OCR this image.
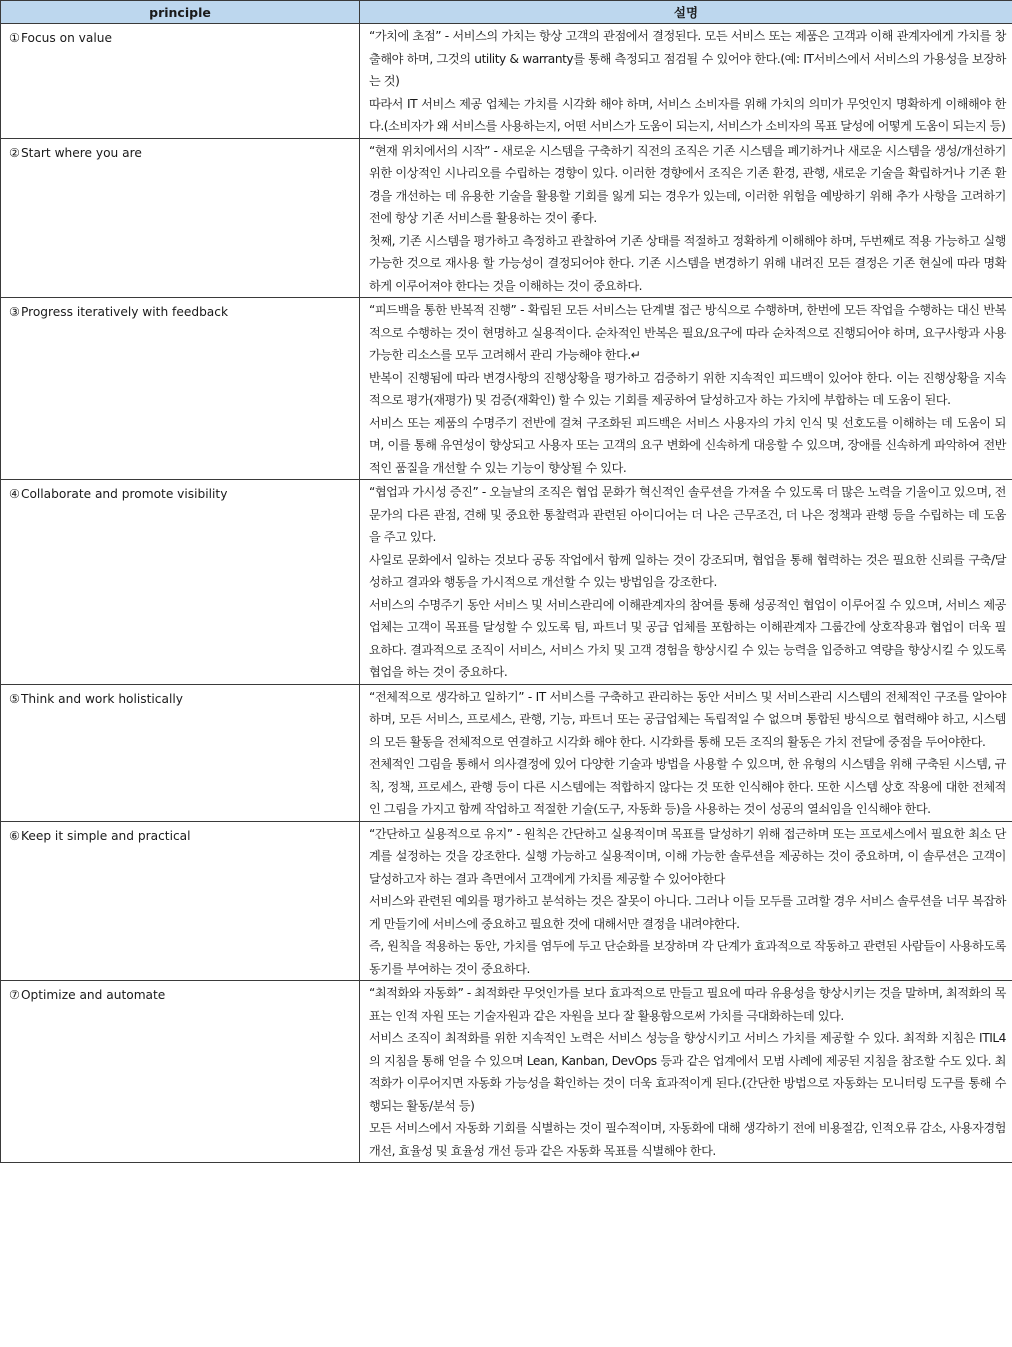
principle	설명
①Focus on value	“가치에 초점” - 서비스의 가치는 항상 고객의 관점에서 결정된다. 모든 서비스 또는 제품은 고객과 이해 관계자에게 가치를 창출해야 하며, 그것의 utility & warranty를 통해 측정되고 점검될 수 있어야 한다.(예: IT서비스에서 서비스의 가용성을 보장하는 것)

따라서 IT 서비스 제공 업체는 가치를 시각화 해야 하며, 서비스 소비자를 위해 가치의 의미가 무엇인지 명확하게 이해해야 한다.(소비자가 왜 서비스를 사용하는지, 어떤 서비스가 도움이 되는지, 서비스가 소비자의 목표 달성에 어떻게 도움이 되는지 등)

②Start where you are	“현재 위치에서의 시작” - 새로운 시스템을 구축하기 직전의 조직은 기존 시스템을 폐기하거나 새로운 시스템을 생성/개선하기 위한 이상적인 시나리오를 수립하는 경향이 있다. 이러한 경향에서 조직은 기존 환경, 관행, 새로운 기술을 확립하거나 기존 환경을 개선하는 데 유용한 기술을 활용할 기회를 잃게 되는 경우가 있는데, 이러한 위험을 예방하기 위해 추가 사항을 고려하기 전에 항상 기존 서비스를 활용하는 것이 좋다.

첫째, 기존 시스템을 평가하고 측정하고 관찰하여 기존 상태를 적절하고 정확하게 이해해야 하며, 두번째로 적용 가능하고 실행 가능한 것으로 재사용 할 가능성이 결정되어야 한다. 기존 시스템을 변경하기 위해 내려진 모든 결정은 기존 현실에 따라 명확하게 이루어져야 한다는 것을 이해하는 것이 중요하다.

③Progress iteratively with feedback	“피드백을 통한 반복적 진행” - 확립된 모든 서비스는 단계별 접근 방식으로 수행하며, 한번에 모든 작업을 수행하는 대신 반복적으로 수행하는 것이 현명하고 실용적이다. 순차적인 반복은 필요/요구에 따라 순차적으로 진행되어야 하며, 요구사항과 사용 가능한 리소스를 모두 고려해서 관리 가능해야 한다.↵

반복이 진행됨에 따라 변경사항의 진행상황을 평가하고 검증하기 위한 지속적인 피드백이 있어야 한다. 이는 진행상황을 지속적으로 평가(재평가) 및 검증(재확인) 할 수 있는 기회를 제공하여 달성하고자 하는 가치에 부합하는 데 도움이 된다.

서비스 또는 제품의 수명주기 전반에 걸쳐 구조화된 피드백은 서비스 사용자의 가치 인식 및 선호도를 이해하는 데 도움이 되며, 이를 통해 유연성이 향상되고 사용자 또는 고객의 요구 변화에 신속하게 대응할 수 있으며, 장애를 신속하게 파악하여 전반적인 품질을 개선할 수 있는 기능이 향상될 수 있다.

④Collaborate and promote visibility	“협업과 가시성 증진” - 오늘날의 조직은 협업 문화가 혁신적인 솔루션을 가져올 수 있도록 더 많은 노력을 기울이고 있으며, 전문가의 다른 관점, 견해 및 중요한 통찰력과 관련된 아이디어는 더 나은 근무조건, 더 나은 정책과 관행 등을 수립하는 데 도움을 주고 있다.

사일로 문화에서 일하는 것보다 공동 작업에서 함께 일하는 것이 강조되며, 협업을 통해 협력하는 것은 필요한 신뢰를 구축/달성하고 결과와 행동을 가시적으로 개선할 수 있는 방법임을 강조한다.

서비스의 수명주기 동안 서비스 및 서비스관리에 이해관계자의 참여를 통해 성공적인 협업이 이루어질 수 있으며, 서비스 제공업체는 고객이 목표를 달성할 수 있도록 팀, 파트너 및 공급 업체를 포함하는 이해관계자 그룹간에 상호작용과 협업이 더욱 필요하다. 결과적으로 조직이 서비스, 서비스 가치 및 고객 경험을 향상시킬 수 있는 능력을 입증하고 역량을 향상시킬 수 있도록 협업을 하는 것이 중요하다.

⑤Think and work holistically	“전체적으로 생각하고 일하기” - IT 서비스를 구축하고 관리하는 동안 서비스 및 서비스관리 시스템의 전체적인 구조를 알아야 하며, 모든 서비스, 프로세스, 관행, 기능, 파트너 또는 공급업체는 독립적일 수 없으며 통합된 방식으로 협력해야 하고, 시스템의 모든 활동을 전체적으로 연결하고 시각화 해야 한다. 시각화를 통해 모든 조직의 활동은 가치 전달에 중점을 두어야한다.

전체적인 그림을 통해서 의사결정에 있어 다양한 기술과 방법을 사용할 수 있으며, 한 유형의 시스템을 위해 구축된 시스템, 규칙, 정책, 프로세스, 관행 등이 다른 시스템에는 적합하지 않다는 것 또한 인식해야 한다. 또한 시스템 상호 작용에 대한 전체적인 그림을 가지고 함께 작업하고 적절한 기술(도구, 자동화 등)을 사용하는 것이 성공의 열쇠임을 인식해야 한다.

⑥Keep it simple and practical	“간단하고 실용적으로 유지” - 원칙은 간단하고 실용적이며 목표를 달성하기 위해 접근하며 또는 프로세스에서 필요한 최소 단계를 설정하는 것을 강조한다. 실행 가능하고 실용적이며, 이해 가능한 솔루션을 제공하는 것이 중요하며, 이 솔루션은 고객이 달성하고자 하는 결과 측면에서 고객에게 가치를 제공할 수 있어야한다

서비스와 관련된 예외를 평가하고 분석하는 것은 잘못이 아니다. 그러나 이들 모두를 고려할 경우 서비스 솔루션을 너무 복잡하게 만들기에 서비스에 중요하고 필요한 것에 대해서만 결정을 내려야한다.

즉, 원칙을 적용하는 동안, 가치를 염두에 두고 단순화를 보장하며 각 단계가 효과적으로 작동하고 관련된 사람들이 사용하도록 동기를 부여하는 것이 중요하다.

⑦Optimize and automate	“최적화와 자동화” - 최적화란 무엇인가를 보다 효과적으로 만들고 필요에 따라 유용성을 향상시키는 것을 말하며, 최적화의 목표는 인적 자원 또는 기술자원과 같은 자원을 보다 잘 활용함으로써 가치를 극대화하는데 있다.

서비스 조직이 최적화를 위한 지속적인 노력은 서비스 성능을 향상시키고 서비스 가치를 제공할 수 있다. 최적화 지침은 ITIL4의 지침을 통해 얻을 수 있으며 Lean, Kanban, DevOps 등과 같은 업계에서 모범 사례에 제공된 지침을 참조할 수도 있다. 최적화가 이루어지면 자동화 가능성을 확인하는 것이 더욱 효과적이게 된다.(간단한 방법으로 자동화는 모니터링 도구를 통해 수행되는 활동/분석 등)

모든 서비스에서 자동화 기회를 식별하는 것이 필수적이며, 자동화에 대해 생각하기 전에 비용절감, 인적오류 감소, 사용자경험 개선, 효율성 및 효율성 개선 등과 같은 자동화 목표를 식별해야 한다.
